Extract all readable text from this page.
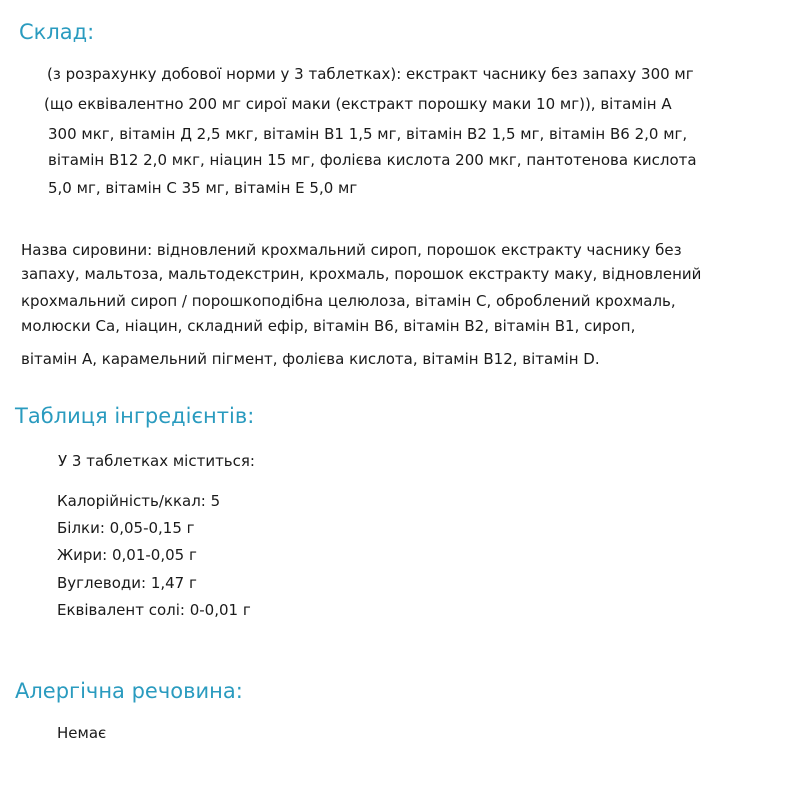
Склад:

(з розрахунку добової норми у 3 таблетках): екстракт часнику без запаху 300 мг

(що еквівалентно 200 мг сирої маки (екстракт порошку маки 10 мг)), вітамін A

300 мкг, вітамін Д 2,5 мкг, вітамін B1 1,5 мг, вітамін B2 1,5 мг, вітамін B6 2,0 мг,

вітамін B12 2,0 мкг, ніацин 15 мг, фолієва кислота 200 мкг, пантотенова кислота

5,0 мг, вітамін C 35 мг, вітамін E 5,0 мг

Назва сировини: відновлений крохмальний сироп, порошок екстракту часнику без

запаху, мальтоза, мальтодекстрин, крохмаль, порошок екстракту маку, відновлений

крохмальний сироп / порошкоподібна целюлоза, вітамін C, оброблений крохмаль,

молюски Ca, ніацин, складний ефір, вітамін B6, вітамін B2, вітамін B1, сироп,

вітамін A, карамельний пігмент, фолієва кислота, вітамін B12, вітамін D.

Таблиця інгредієнтів:

У 3 таблетках міститься:

Калорійність/ккал: 5

Білки: 0,05-0,15 г

Жири: 0,01-0,05 г

Вуглеводи: 1,47 г

Еквівалент солі: 0-0,01 г

Алергічна речовина:

Немає
